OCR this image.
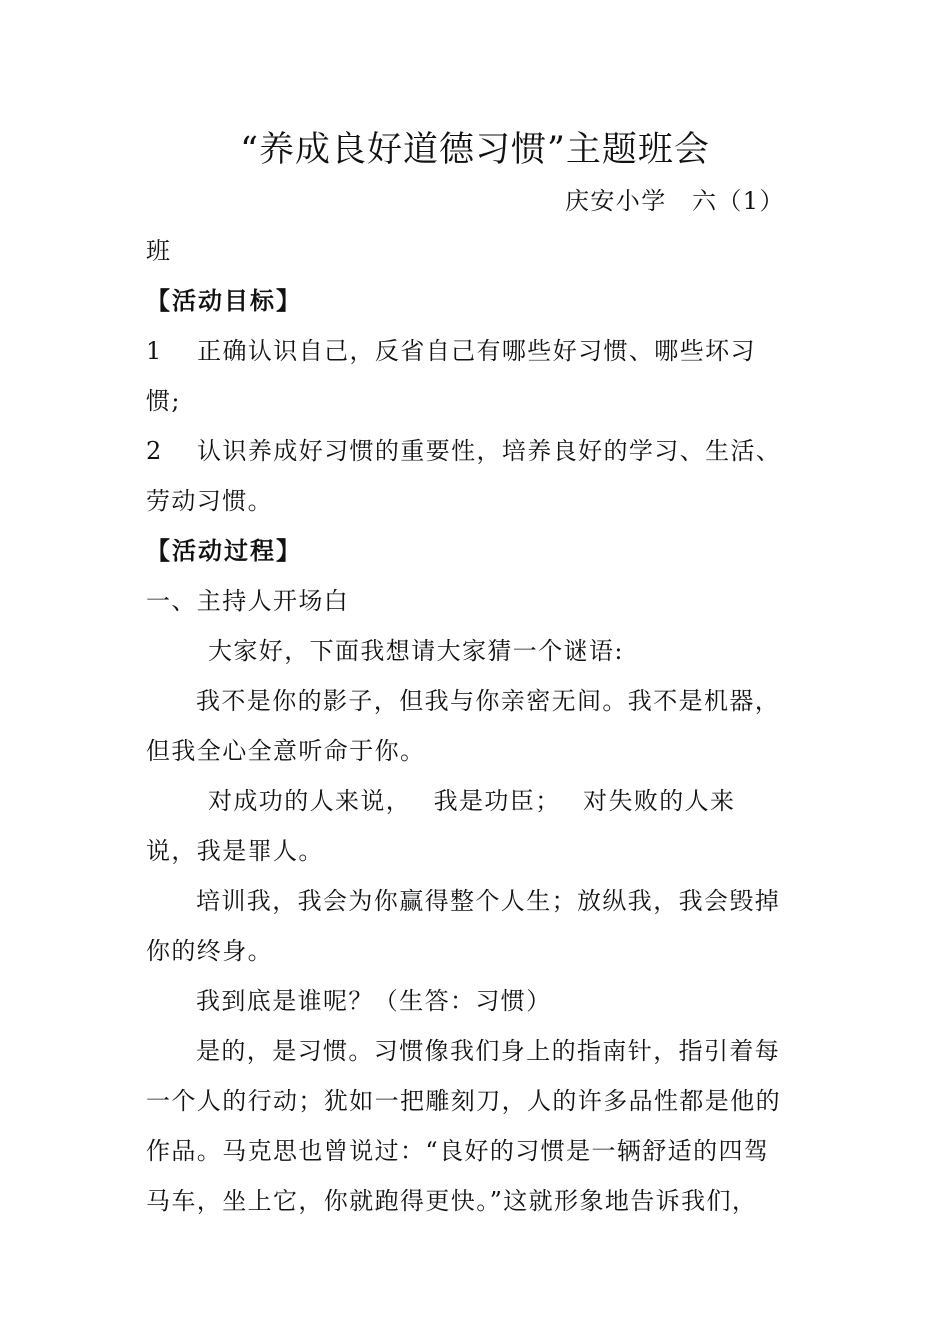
“养成良好道德习惯”主题班会
庆安小学　六（1）
班
【活动目标】
1　 正确认识自己，反省自己有哪些好习惯、哪些坏习
惯;
2　 认识养成好习惯的重要性，培养良好的学习、生活、
劳动习惯。
【活动过程】
一、主持人开场白
大家好，下面我想请大家猜一个谜语:
我不是你的影子，但我与你亲密无间。我不是机器，
但我全心全意听命于你。
对成功的人来说，　 我是功臣；　 对失败的人来
说，我是罪人。
培训我，我会为你赢得整个人生；放纵我，我会毁掉
你的终身。
我到底是谁呢？（生答：习惯）
是的，是习惯。习惯像我们身上的指南针，指引着每
一个人的行动；犹如一把雕刻刀，人的许多品性都是他的
作品。马克思也曾说过：“良好的习惯是一辆舒适的四驾
马车，坐上它，你就跑得更快。”这就形象地告诉我们，
